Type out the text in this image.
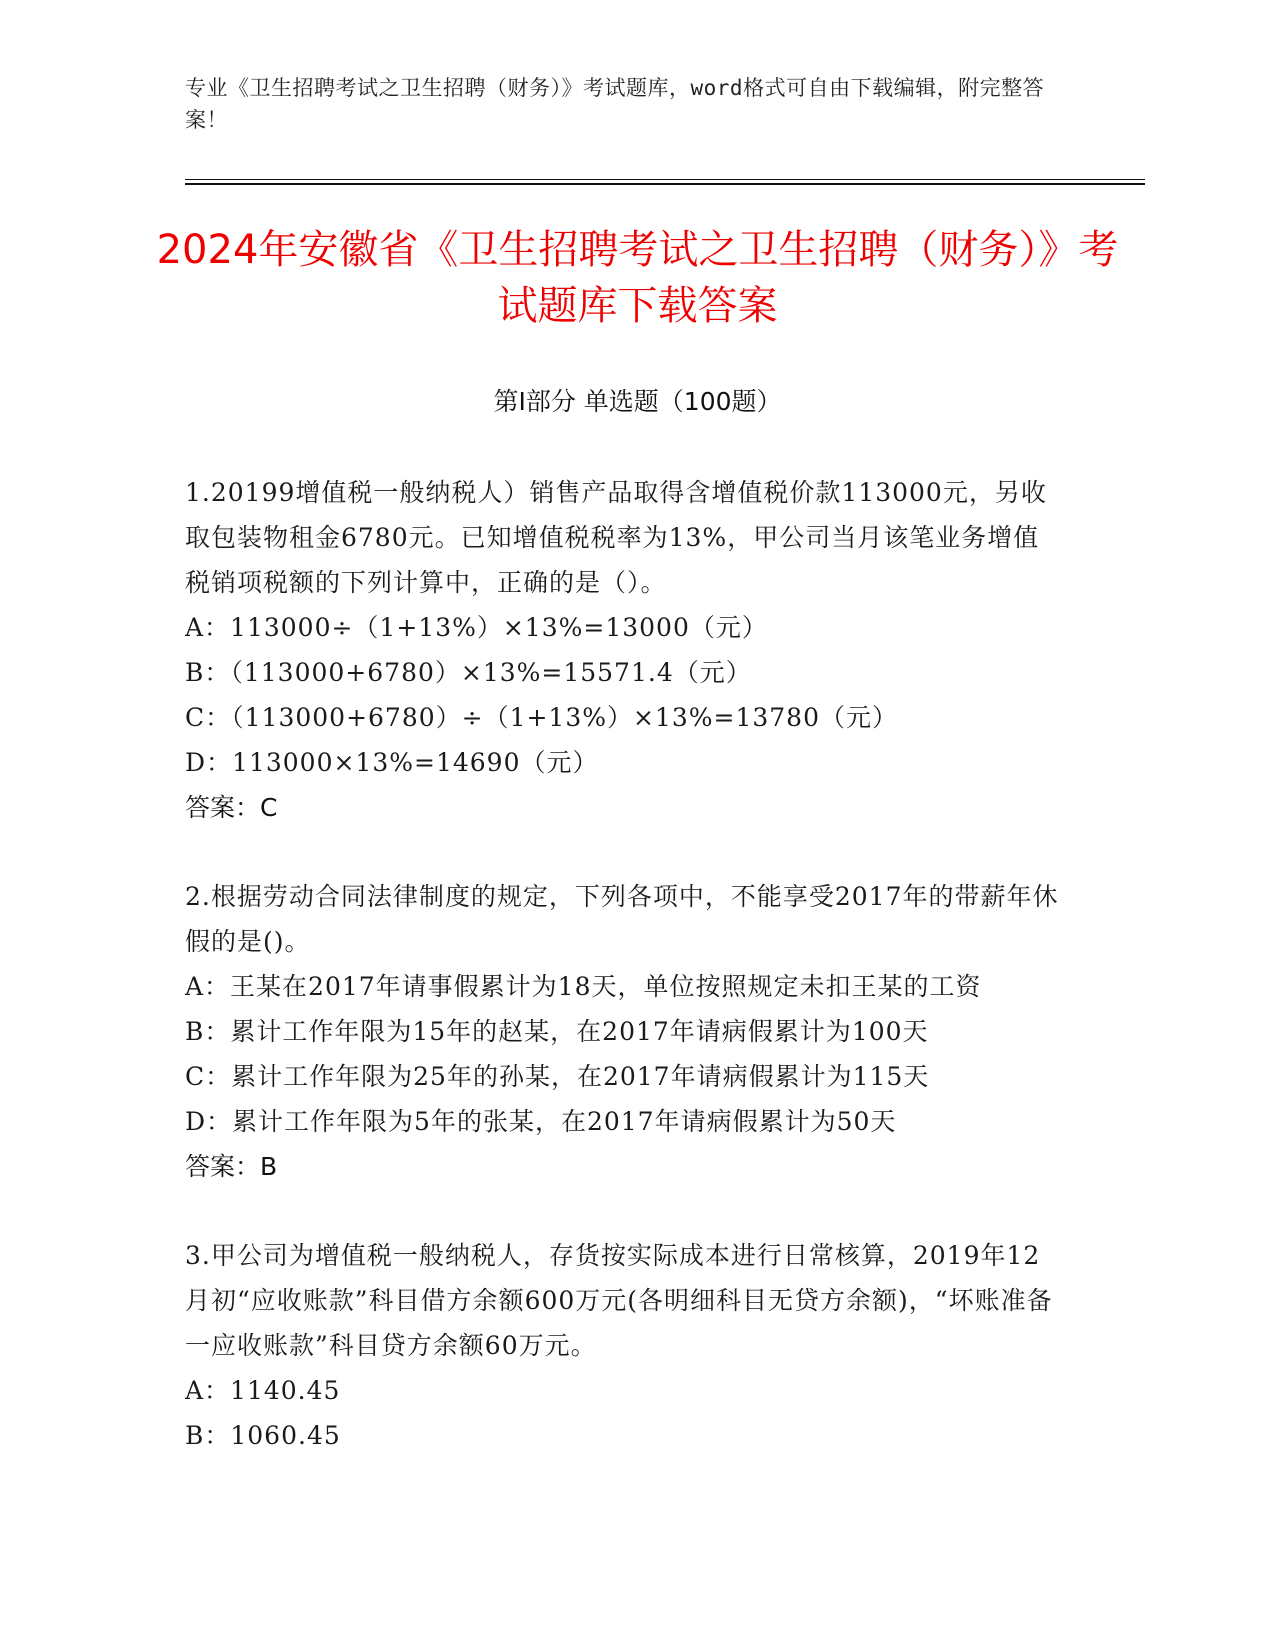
专业《卫生招聘考试之卫生招聘（财务）》考试题库，word格式可自由下载编辑，附完整答案！
2024年安徽省《卫生招聘考试之卫生招聘（财务）》考试题库下载答案
第I部分 单选题（100题）

1.20199增值税一般纳税人）销售产品取得含增值税价款113000元，另收取包装物租金6780元。已知增值税税率为13%，甲公司当月该笔业务增值税销项税额的下列计算中，正确的是（）。

A：113000÷（1+13%）×13%=13000（元）

B：（113000+6780）×13%=15571.4（元）

C：（113000+6780）÷（1+13%）×13%=13780（元）

D：113000×13%=14690（元）

答案：C

2.根据劳动合同法律制度的规定，下列各项中，不能享受2017年的带薪年休假的是()。

A：王某在2017年请事假累计为18天，单位按照规定未扣王某的工资

B：累计工作年限为15年的赵某，在2017年请病假累计为100天

C：累计工作年限为25年的孙某，在2017年请病假累计为115天

D：累计工作年限为5年的张某，在2017年请病假累计为50天

答案：B

3.甲公司为增值税一般纳税人，存货按实际成本进行日常核算，2019年12月初“应收账款”科目借方余额600万元(各明细科目无贷方余额)，“坏账准备一应收账款”科目贷方余额60万元。

A：1140.45

B：1060.45
